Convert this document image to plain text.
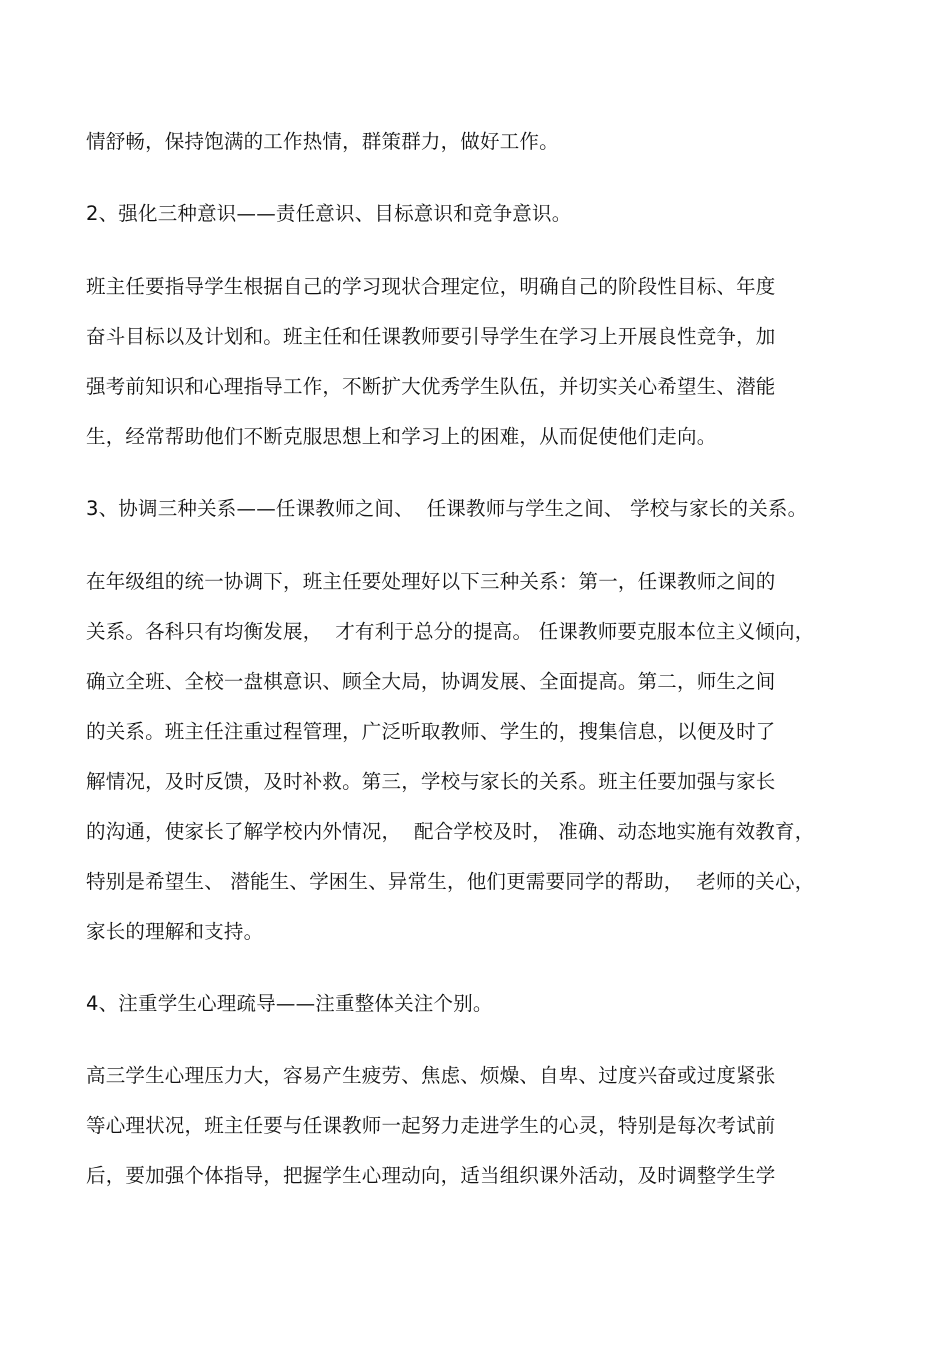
情舒畅，保持饱满的工作热情，群策群力，做好工作。
2、强化三种意识——责任意识、目标意识和竞争意识。
班主任要指导学生根据自己的学习现状合理定位，明确自己的阶段性目标、年度
奋斗目标以及计划和。班主任和任课教师要引导学生在学习上开展良性竞争，加
强考前知识和心理指导工作，不断扩大优秀学生队伍，并切实关心希望生、潜能
生，经常帮助他们不断克服思想上和学习上的困难，从而促使他们走向。
3、协调三种关系——任课教师之间、  任课教师与学生之间、 学校与家长的关系。
在年级组的统一协调下，班主任要处理好以下三种关系：第一，任课教师之间的
关系。各科只有均衡发展，  才有利于总分的提高。 任课教师要克服本位主义倾向，
确立全班、全校一盘棋意识、顾全大局，协调发展、全面提高。第二，师生之间
的关系。班主任注重过程管理，广泛听取教师、学生的，搜集信息，以便及时了
解情况，及时反馈，及时补救。第三，学校与家长的关系。班主任要加强与家长
的沟通，使家长了解学校内外情况，  配合学校及时， 准确、动态地实施有效教育，
特别是希望生、 潜能生、学困生、异常生，他们更需要同学的帮助，  老师的关心，
家长的理解和支持。
4、注重学生心理疏导——注重整体关注个别。
高三学生心理压力大，容易产生疲劳、焦虑、烦燥、自卑、过度兴奋或过度紧张
等心理状况，班主任要与任课教师一起努力走进学生的心灵，特别是每次考试前
后，要加强个体指导，把握学生心理动向，适当组织课外活动，及时调整学生学
